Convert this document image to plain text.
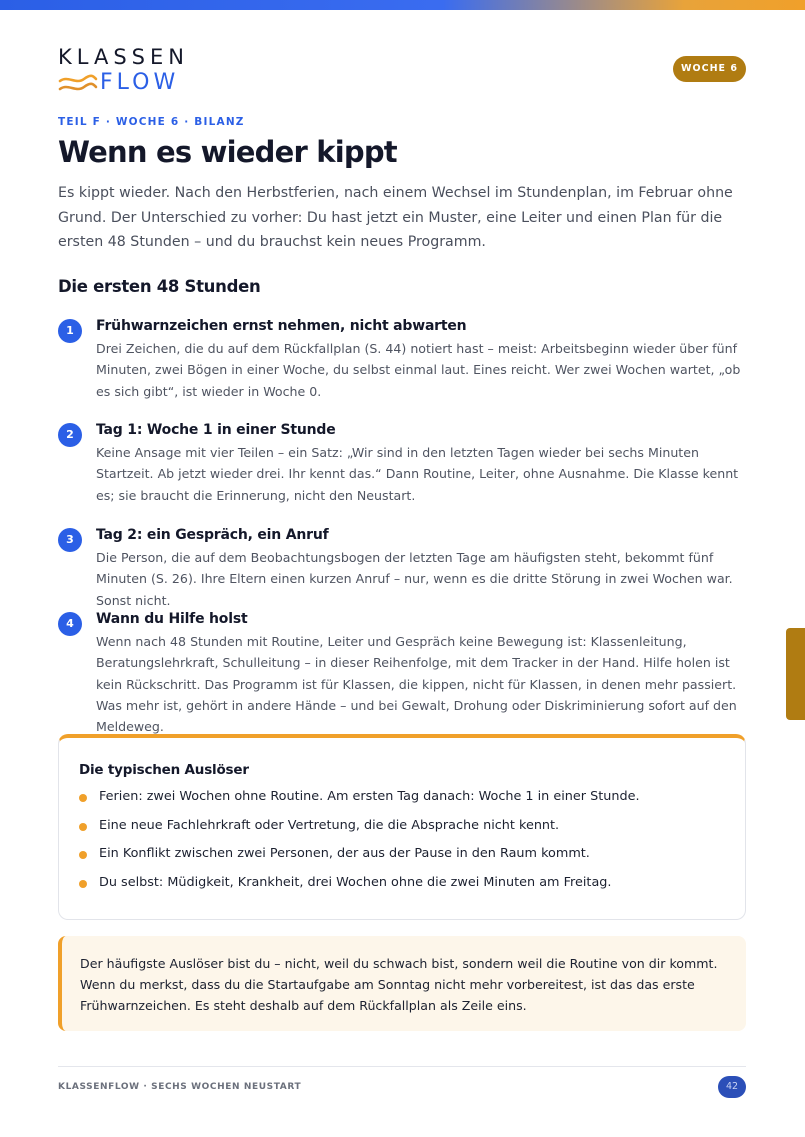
KLASSEN
FLOW
WOCHE 6
TEIL F · WOCHE 6 · BILANZ
Wenn es wieder kippt
Es kippt wieder. Nach den Herbstferien, nach einem Wechsel im Stundenplan, im Februar ohne Grund. Der Unterschied zu vorher: Du hast jetzt ein Muster, eine Leiter und einen Plan für die ersten 48 Stunden – und du brauchst kein neues Programm.
Die ersten 48 Stunden
1	Frühwarnzeichen ernst nehmen, nicht abwarten
Drei Zeichen, die du auf dem Rückfallplan (S. 44) notiert hast – meist: Arbeitsbeginn wieder über fünf Minuten, zwei Bögen in einer Woche, du selbst einmal laut. Eines reicht. Wer zwei Wochen wartet, „ob es sich gibt“, ist wieder in Woche 0.
2	Tag 1: Woche 1 in einer Stunde
Keine Ansage mit vier Teilen – ein Satz: „Wir sind in den letzten Tagen wieder bei sechs Minuten Startzeit. Ab jetzt wieder drei. Ihr kennt das.“ Dann Routine, Leiter, ohne Ausnahme. Die Klasse kennt es; sie braucht die Erinnerung, nicht den Neustart.
3	Tag 2: ein Gespräch, ein Anruf
Die Person, die auf dem Beobachtungsbogen der letzten Tage am häufigsten steht, bekommt fünf Minuten (S. 26). Ihre Eltern einen kurzen Anruf – nur, wenn es die dritte Störung in zwei Wochen war. Sonst nicht.
4	Wann du Hilfe holst
Wenn nach 48 Stunden mit Routine, Leiter und Gespräch keine Bewegung ist: Klassenleitung, Beratungslehrkraft, Schulleitung – in dieser Reihenfolge, mit dem Tracker in der Hand. Hilfe holen ist kein Rückschritt. Das Programm ist für Klassen, die kippen, nicht für Klassen, in denen mehr passiert. Was mehr ist, gehört in andere Hände – und bei Gewalt, Drohung oder Diskriminierung sofort auf den Meldeweg.
Die typischen Auslöser
Ferien: zwei Wochen ohne Routine. Am ersten Tag danach: Woche 1 in einer Stunde.
Eine neue Fachlehrkraft oder Vertretung, die die Absprache nicht kennt.
Ein Konflikt zwischen zwei Personen, der aus der Pause in den Raum kommt.
Du selbst: Müdigkeit, Krankheit, drei Wochen ohne die zwei Minuten am Freitag.
Der häufigste Auslöser bist du – nicht, weil du schwach bist, sondern weil die Routine von dir kommt. Wenn du merkst, dass du die Startaufgabe am Sonntag nicht mehr vorbereitest, ist das das erste Frühwarnzeichen. Es steht deshalb auf dem Rückfallplan als Zeile eins.
KLASSENFLOW · SECHS WOCHEN NEUSTART	42
